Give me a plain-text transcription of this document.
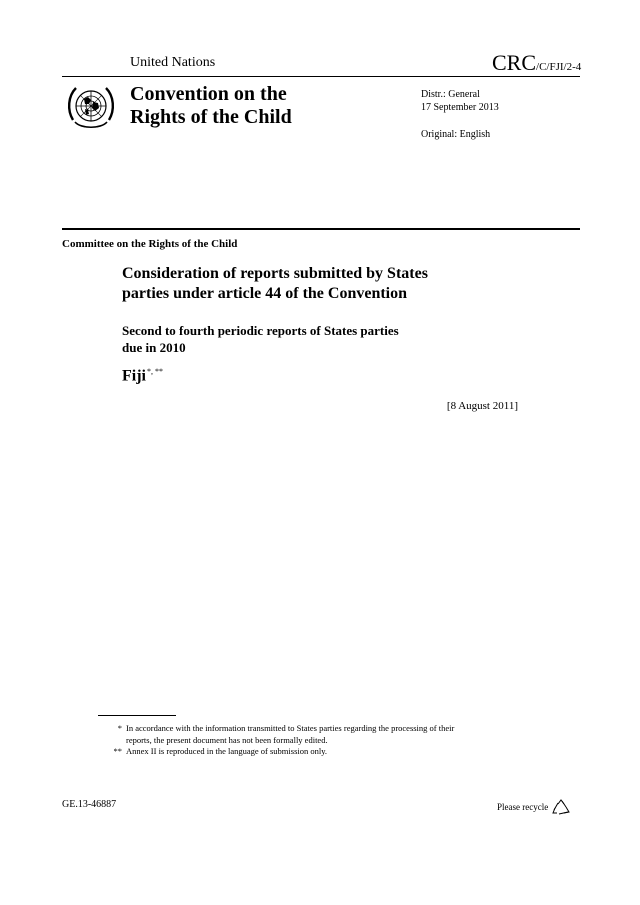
United Nations	CRC/C/FJI/2-4
Convention on the
Rights of the Child
Distr.: General
17 September 2013
Original: English
Committee on the Rights of the Child
Consideration of reports submitted by States
parties under article 44 of the Convention
Second to fourth periodic reports of States parties
due in 2010
Fiji*, **
[8 August 2011]
* In accordance with the information transmitted to States parties regarding the processing of their
reports, the present document has not been formally edited.
** Annex II is reproduced in the language of submission only.
GE.13-46887	Please recycle
